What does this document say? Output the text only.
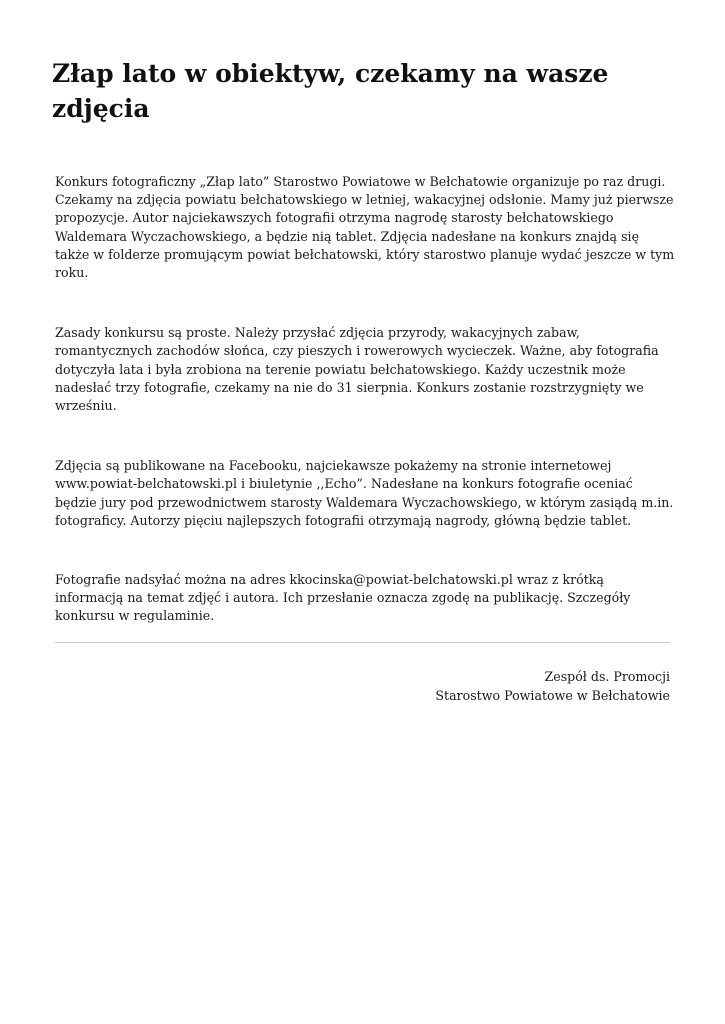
Złap lato w obiektyw, czekamy na wasze zdjęcia

Konkurs fotograficzny „Złap lato” Starostwo Powiatowe w Bełchatowie organizuje po raz drugi. Czekamy na zdjęcia powiatu bełchatowskiego w letniej, wakacyjnej odsłonie. Mamy już pierwsze propozycje. Autor najciekawszych fotografii otrzyma nagrodę starosty bełchatowskiego Waldemara Wyczachowskiego, a będzie nią tablet. Zdjęcia nadesłane na konkurs znajdą się także w folderze promującym powiat bełchatowski, który starostwo planuje wydać jeszcze w tym roku.

Zasady konkursu są proste. Należy przysłać zdjęcia przyrody, wakacyjnych zabaw, romantycznych zachodów słońca, czy pieszych i rowerowych wycieczek. Ważne, aby fotografia dotyczyła lata i była zrobiona na terenie powiatu bełchatowskiego. Każdy uczestnik może nadesłać trzy fotografie, czekamy na nie do 31 sierpnia. Konkurs zostanie rozstrzygnięty we wrześniu.

Zdjęcia są publikowane na Facebooku, najciekawsze pokażemy na stronie internetowej www.powiat-belchatowski.pl i biuletynie ,,Echo”. Nadesłane na konkurs fotografie oceniać będzie jury pod przewodnictwem starosty Waldemara Wyczachowskiego, w którym zasiądą m.in. fotograficy. Autorzy pięciu najlepszych fotografii otrzymają nagrody, główną będzie tablet.

Fotografie nadsyłać można na adres kkocinska@powiat-belchatowski.pl wraz z krótką informacją na temat zdjęć i autora. Ich przesłanie oznacza zgodę na publikację. Szczegóły konkursu w regulaminie.

Zespół ds. Promocji
Starostwo Powiatowe w Bełchatowie
